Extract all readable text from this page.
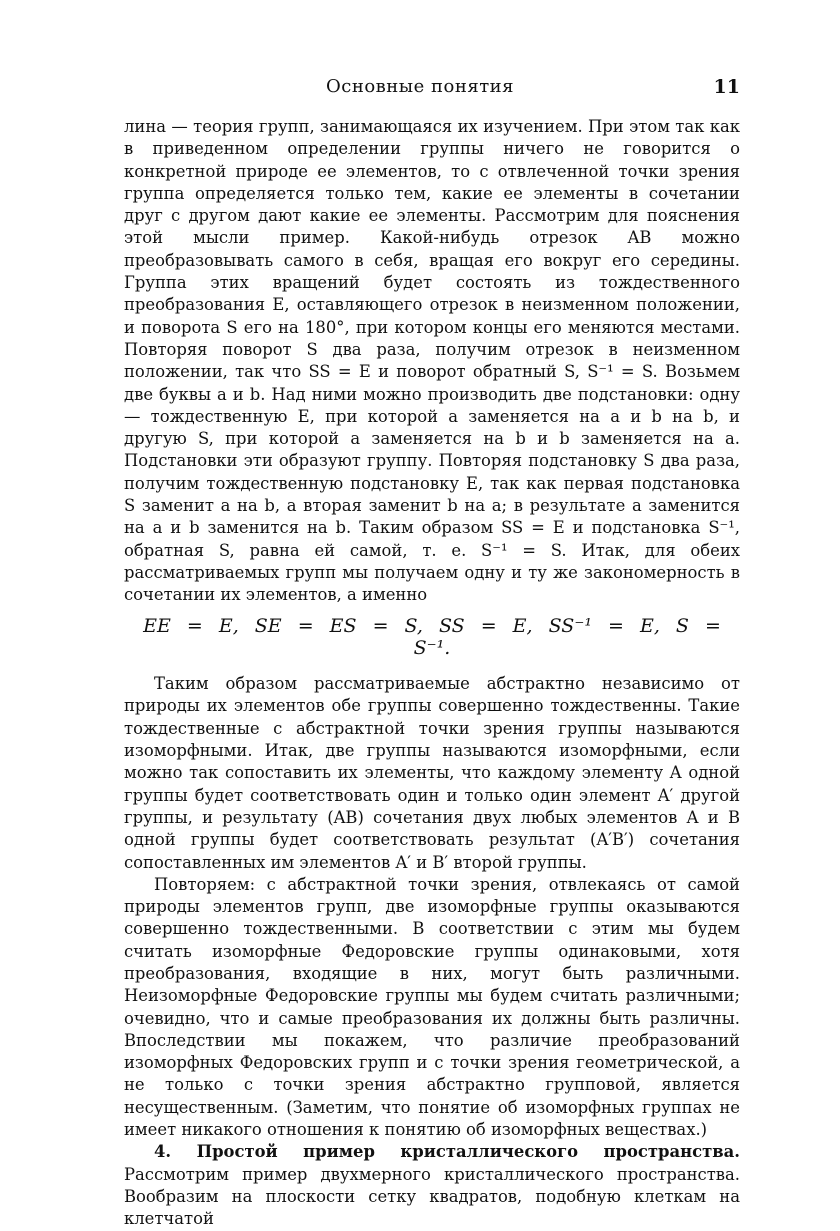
Основные понятия	11

лина — теория групп, занимающаяся их изучением. При этом так как в приведенном определении группы ничего не говорится о конкретной природе ее элементов, то с отвлеченной точки зрения группа определяется только тем, какие ее элементы в сочетании друг с другом дают какие ее элементы. Рассмотрим для пояснения этой мысли пример. Какой-нибудь отрезок AB можно преобразовывать самого в себя, вращая его вокруг его середины. Группа этих вращений будет состоять из тождественного преобразования E, оставляющего отрезок в неизменном положении, и поворота S его на 180°, при котором концы его меняются местами. Повторяя поворот S два раза, получим отрезок в неизменном положении, так что SS = E и поворот обратный S, S⁻¹ = S. Возьмем две буквы a и b. Над ними можно производить две подстановки: одну — тождественную E, при которой a заменяется на a и b на b, и другую S, при которой a заменяется на b и b заменяется на a. Подстановки эти образуют группу. Повторяя подстановку S два раза, получим тождественную подстановку E, так как первая подстановка S заменит a на b, а вторая заменит b на a; в результате a заменится на a и b заменится на b. Таким образом SS = E и подстановка S⁻¹, обратная S, равна ей самой, т. е. S⁻¹ = S. Итак, для обеих рассматриваемых групп мы получаем одну и ту же закономерность в сочетании их элементов, а именно

EE = E, SE = ES = S, SS = E, SS⁻¹ = E, S = S⁻¹.

Таким образом рассматриваемые абстрактно независимо от природы их элементов обе группы совершенно тождественны. Такие тождественные с абстрактной точки зрения группы называются изоморфными. Итак, две группы называются изоморфными, если можно так сопоставить их элементы, что каждому элементу A одной группы будет соответствовать один и только один элемент A′ другой группы, и результату (AB) сочетания двух любых элементов A и B одной группы будет соответствовать результат (A′B′) сочетания сопоставленных им элементов A′ и B′ второй группы.

Повторяем: с абстрактной точки зрения, отвлекаясь от самой природы элементов групп, две изоморфные группы оказываются совершенно тождественными. В соответствии с этим мы будем считать изоморфные Федоровские группы одинаковыми, хотя преобразования, входящие в них, могут быть различными. Неизоморфные Федоровские группы мы будем считать различными; очевидно, что и самые преобразования их должны быть различны. Впоследствии мы покажем, что различие преобразований изоморфных Федоровских групп и с точки зрения геометрической, а не только с точки зрения абстрактно групповой, является несущественным. (Заметим, что понятие об изоморфных группах не имеет никакого отношения к понятию об изоморфных веществах.)

4. Простой пример кристаллического пространства. Рассмотрим пример двухмерного кристаллического пространства. Вообразим на плоскости сетку квадратов, подобную клеткам на клетчатой
